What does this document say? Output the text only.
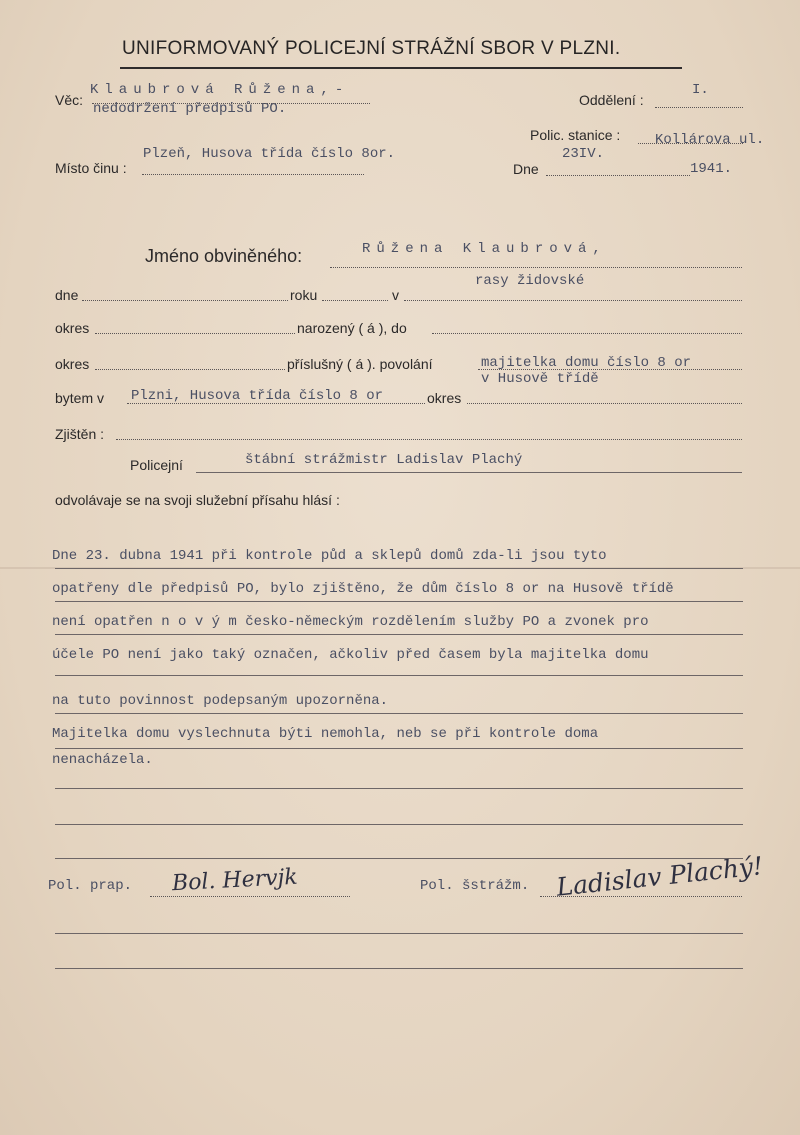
UNIFORMOVANÝ POLICEJNÍ STRÁŽNÍ SBOR V PLZNI.
Věc:
Klaubrová Růžena,-
nedodržení předpisů PO.
Oddělení :
I.
Polic. stanice : Kollárova ul.
Místo činu :
Plzeň, Husova třída číslo 8or.
Dne
23IV.
1941.
Jméno obviněného:	Růžena Klaubrová,
rasy židovské
dne	roku	v
okres	narozený ( á ), do
okres	příslušný ( á ). povolání	majitelka domu číslo 8 or
v Husově třídě
bytem v Plzni, Husova třída číslo 8 or	okres
Zjištěn :
Policejní	štábní strážmistr Ladislav Plachý
odvolávaje se na svoji služební přísahu hlásí :
Dne 23. dubna 1941 při kontrole půd a sklepů domů zda-li jsou tyto
opatřeny dle předpisů PO, bylo zjištěno, že dům číslo 8 or na Husově třídě
není opatřen n o v ý m česko-německým rozdělením služby PO a zvonek pro
účele PO není jako taký označen, ačkoliv před časem byla majitelka domu
na tuto povinnost podepsaným upozorněna.
Majitelka domu vyslechnuta býti nemohla, neb se při kontrole doma
nenacházela.
Pol. prap. Bol. Hervjk	Pol. šstrážm. Ladislav Plachý!
